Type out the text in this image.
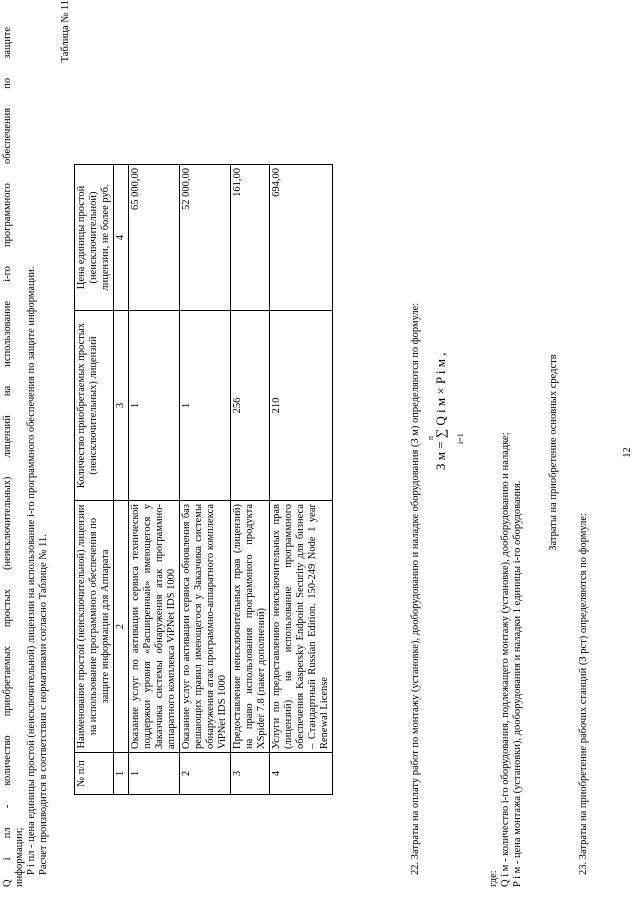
12
Q i пл - количество приобретаемых простых (неисключительных) лицензий на использование i-го программного обеспечения по защите информации; P i пл - цена единицы простой (неисключительной) лицензии на использование i-го программного обеспечения по защите информации. Расчет производится в соответствии с нормативами согласно Таблице № 11.
Таблица № 11
№ п/п	Наименование простой (неисключительной) лицензии на использование программного обеспечения по защите информации для Аппарата	Количество приобретаемых простых (неисключительных) лицензий	Цена единицы простой (неисключительной) лицензии, не более руб.
1	2	3	4
1	Оказание услуг по активации сервиса технической поддержки уровня «Расширенный» имеющегося у Заказчика системы обнаружения атак программно-аппаратного комплекса ViPNet IDS 1000	1	65 000,00
2	Оказание услуг по активации сервиса обновления баз решающих правил имеющегося у Заказчика системы обнаружения атак программно-аппаратного комплекса ViPNet IDS 1000	1	52 000,00
3	Предоставление неисключительных прав (лицензий) на право использования программного продукта XSpider 7.8 (пакет дополнений)	256	161,00
4	Услуги по предоставлению неисключительных прав (лицензий) на использование программного обеспечения Kaspersky Endpoint Security для бизнеса – Стандартный Russian Edition. 150-249 Node 1 year Renewal License	210	694,00
22. Затраты на оплату работ по монтажу (установке), дооборудованию и наладке оборудования (З м) определяются по формуле: З м = ∑ Q i м × P i м ,
n	i=1
где: Q i м - количество i-го оборудования, подлежащего монтажу (установке), дооборудованию и наладке; P i м - цена монтажа (установки), дооборудования и наладки 1 единицы i-го оборудования.
Затраты на приобретение основных средств
23. Затраты на приобретение рабочих станций (З рст) определяются по формуле:
